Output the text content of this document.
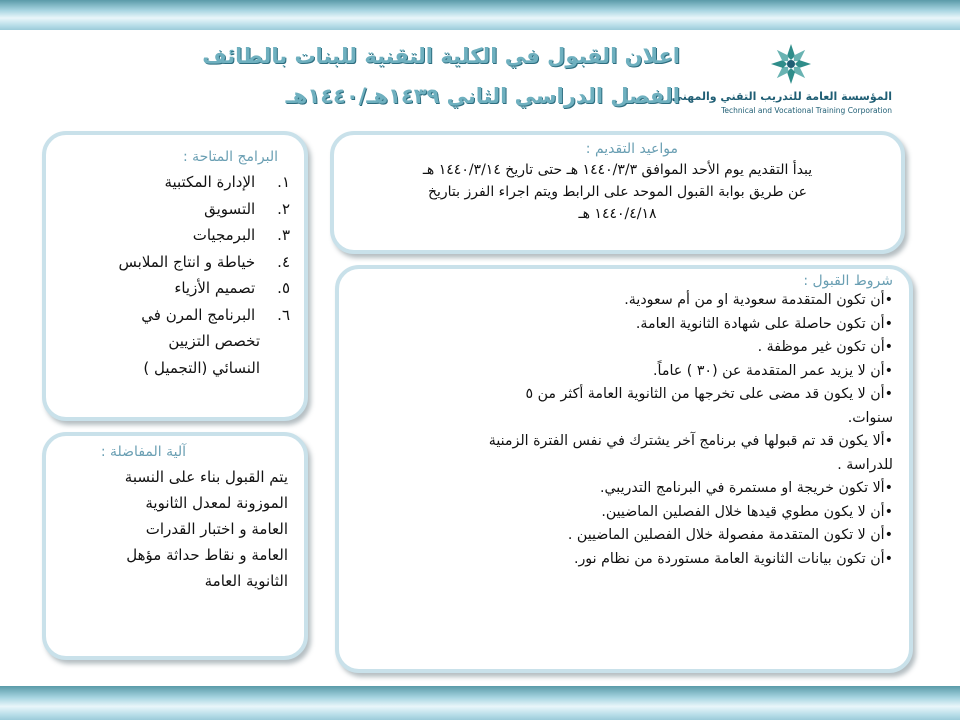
المؤسسة العامة للتدريب التقني والمهني
Technical and Vocational Training Corporation
اعلان القبول في الكلية التقنية للبنات بالطائف
الفصل الدراسي الثاني ١٤٣٩هـ/١٤٤٠هـ

مواعيد التقديم :

يبدأ التقديم يوم الأحد الموافق ١٤٤٠/٣/٣ هـ حتى تاريخ ١٤٤٠/٣/١٤ هـ

عن طريق بوابة القبول الموحد على الرابط ويتم اجراء الفرز بتاريخ

١٤٤٠/٤/١٨ هـ

البرامج المتاحة :

١. الإدارة المكتبية
٢. التسويق
٣. البرمجيات
٤. خياطة و انتاج الملابس
٥. تصميم الأزياء
٦. البرنامج المرن في
تخصص التزيين
النسائي (التجميل )

آلية المفاضلة :

يتم القبول بناء على النسبة

الموزونة لمعدل الثانوية

العامة و اختبار القدرات

العامة و نقاط حداثة مؤهل

الثانوية العامة

شروط القبول :

•أن تكون المتقدمة سعودية او من أم سعودية.
•أن تكون حاصلة على شهادة الثانوية العامة.
•أن تكون غير موظفة .
•أن لا يزيد عمر المتقدمة عن (٣٠ ) عاماً.
•أن لا يكون قد مضى على تخرجها من الثانوية العامة أكثر من ٥
سنوات.
•ألا يكون قد تم قبولها في برنامج آخر يشترك في نفس الفترة الزمنية
للدراسة .
•ألا تكون خريجة او مستمرة في البرنامج التدريبي.
•أن لا يكون مطوي قيدها خلال الفصلين الماضيين.
•أن لا تكون المتقدمة مفصولة خلال الفصلين الماضيين .
•أن تكون بيانات الثانوية العامة مستوردة من نظام نور.
